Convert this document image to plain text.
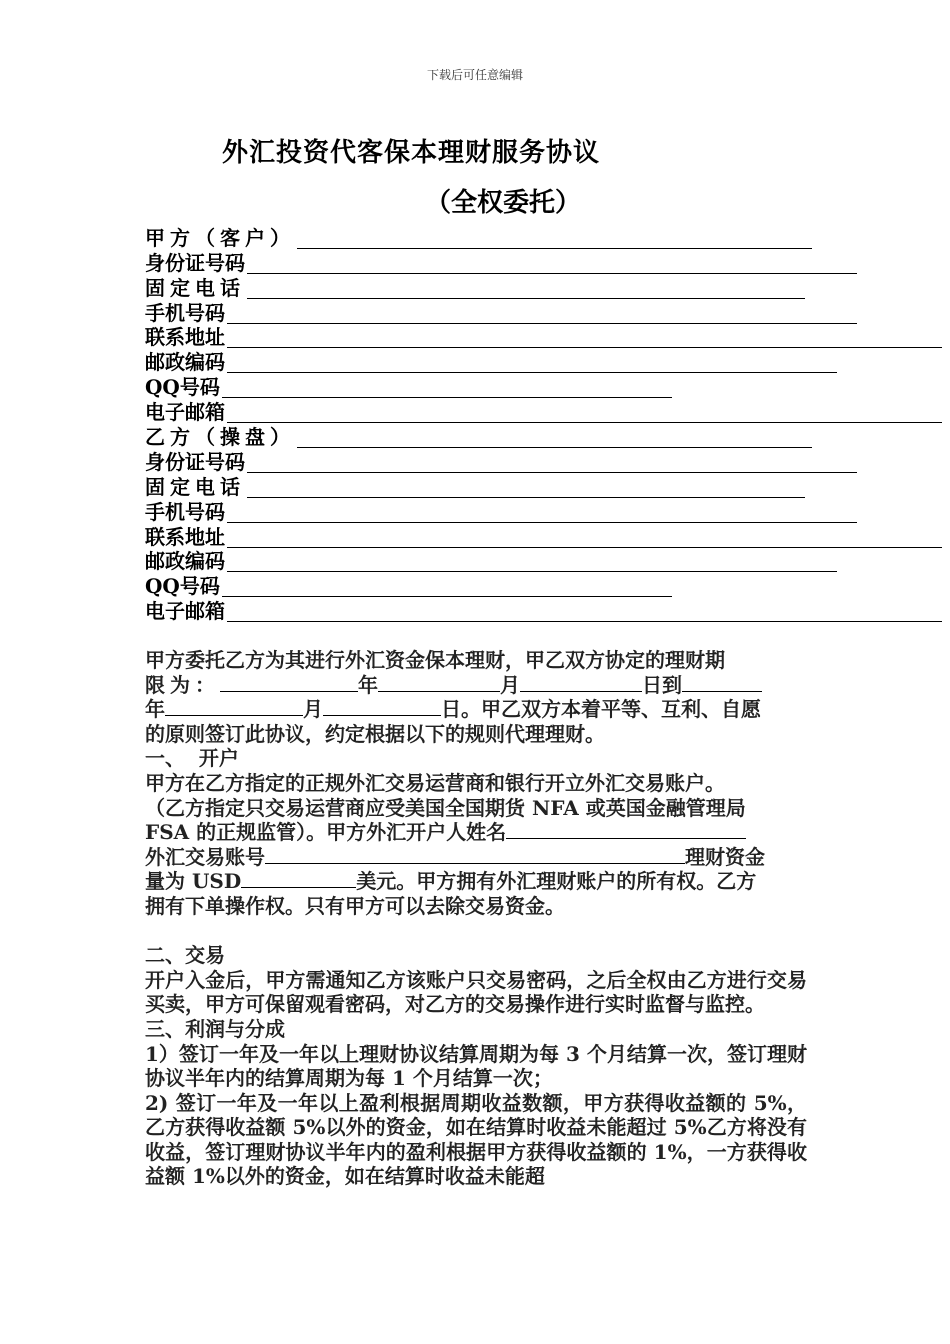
下载后可任意编辑
外汇投资代客保本理财服务协议
（全权委托）
甲方（客户）
身份证号码
固定电话
手机号码
联系地址
邮政编码
QQ号码
电子邮箱
乙方（操盘）
身份证号码
固定电话
手机号码
联系地址
邮政编码
QQ号码
电子邮箱

甲方委托乙方为其进行外汇资金保本理财，甲乙双方协定的理财期

限为：	年	月	日到

年	月	日。甲乙双方本着平等、互利、自愿

的原则签订此协议，约定根据以下的规则代理理财。

一、  开户

甲方在乙方指定的正规外汇交易运营商和银行开立外汇交易账户。

（乙方指定只交易运营商应受美国全国期货 NFA 或英国金融管理局

FSA 的正规监管）。甲方外汇开户人姓名

外汇交易账号	理财资金

量为 USD	美元。甲方拥有外汇理财账户的所有权。乙方

拥有下单操作权。只有甲方可以去除交易资金。

二、交易

开户入金后，甲方需通知乙方该账户只交易密码，之后全权由乙方进行交易买卖，甲方可保留观看密码，对乙方的交易操作进行实时监督与监控。

三、利润与分成

1）签订一年及一年以上理财协议结算周期为每 3 个月结算一次，签订理财协议半年内的结算周期为每 1 个月结算一次；

2) 签订一年及一年以上盈利根据周期收益数额，甲方获得收益额的 5%，乙方获得收益额 5%以外的资金，如在结算时收益未能超过 5%乙方将没有收益，签订理财协议半年内的盈利根据甲方获得收益额的 1%，一方获得收益额 1%以外的资金，如在结算时收益未能超
